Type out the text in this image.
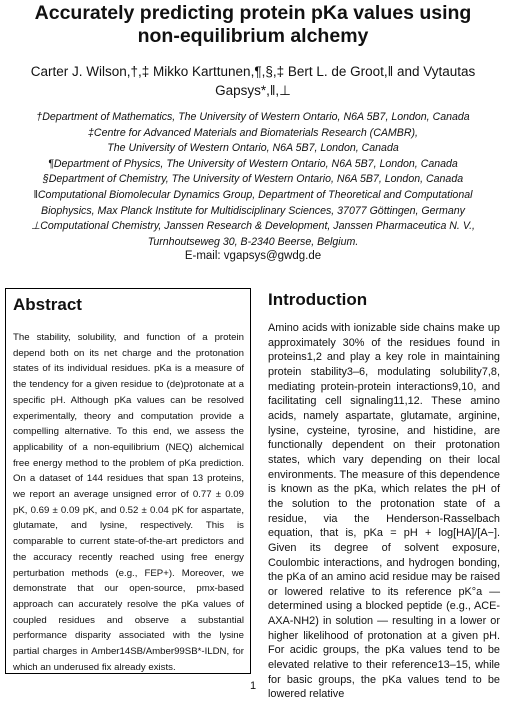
Accurately predicting protein pKa values using
non-equilibrium alchemy
Carter J. Wilson,†,‡ Mikko Karttunen,¶,§,‡ Bert L. de Groot,‖ and Vytautas
Gapsys*,‖,⊥
†Department of Mathematics, The University of Western Ontario, N6A 5B7, London, Canada
‡Centre for Advanced Materials and Biomaterials Research (CAMBR),
The University of Western Ontario, N6A 5B7, London, Canada
¶Department of Physics, The University of Western Ontario, N6A 5B7, London, Canada
§Department of Chemistry, The University of Western Ontario, N6A 5B7, London, Canada
‖Computational Biomolecular Dynamics Group, Department of Theoretical and Computational
Biophysics, Max Planck Institute for Multidisciplinary Sciences, 37077 Göttingen, Germany
⊥Computational Chemistry, Janssen Research & Development, Janssen Pharmaceutica N. V.,
Turnhoutseweg 30, B-2340 Beerse, Belgium.
E-mail: vgapsys@gwdg.de
Abstract
The stability, solubility, and function of a protein depend both on its net charge and the protonation states of its individual residues. pKa is a measure of the tendency for a given residue to (de)protonate at a specific pH. Although pKa values can be resolved experimentally, theory and computation provide a compelling alternative. To this end, we assess the applicability of a non-equilibrium (NEQ) alchemical free energy method to the problem of pKa prediction. On a dataset of 144 residues that span 13 proteins, we report an average unsigned error of 0.77 ± 0.09 pK, 0.69 ± 0.09 pK, and 0.52 ± 0.04 pK for aspartate, glutamate, and lysine, respectively. This is comparable to current state-of-the-art predictors and the accuracy recently reached using free energy perturbation methods (e.g., FEP+). Moreover, we demonstrate that our open-source, pmx-based approach can accurately resolve the pKa values of coupled residues and observe a substantial performance disparity associated with the lysine partial charges in Amber14SB/Amber99SB*-ILDN, for which an underused fix already exists.
Introduction
Amino acids with ionizable side chains make up approximately 30% of the residues found in proteins1,2 and play a key role in maintaining protein stability3–6, modulating solubility7,8, mediating protein-protein interactions9,10, and facilitating cell signaling11,12. These amino acids, namely aspartate, glutamate, arginine, lysine, cysteine, tyrosine, and histidine, are functionally dependent on their protonation states, which vary depending on their local environments. The measure of this dependence is known as the pKa, which relates the pH of the solution to the protonation state of a residue, via the Henderson-Rasselbach equation, that is, pKa = pH + log[HA]/[A−]. Given its degree of solvent exposure, Coulombic interactions, and hydrogen bonding, the pKa of an amino acid residue may be raised or lowered relative to its reference pK°a — determined using a blocked peptide (e.g., ACE-AXA-NH2) in solution — resulting in a lower or higher likelihood of protonation at a given pH. For acidic groups, the pKa values tend to be elevated relative to their reference13–15, while for basic groups, the pKa values tend to be lowered relative
1
